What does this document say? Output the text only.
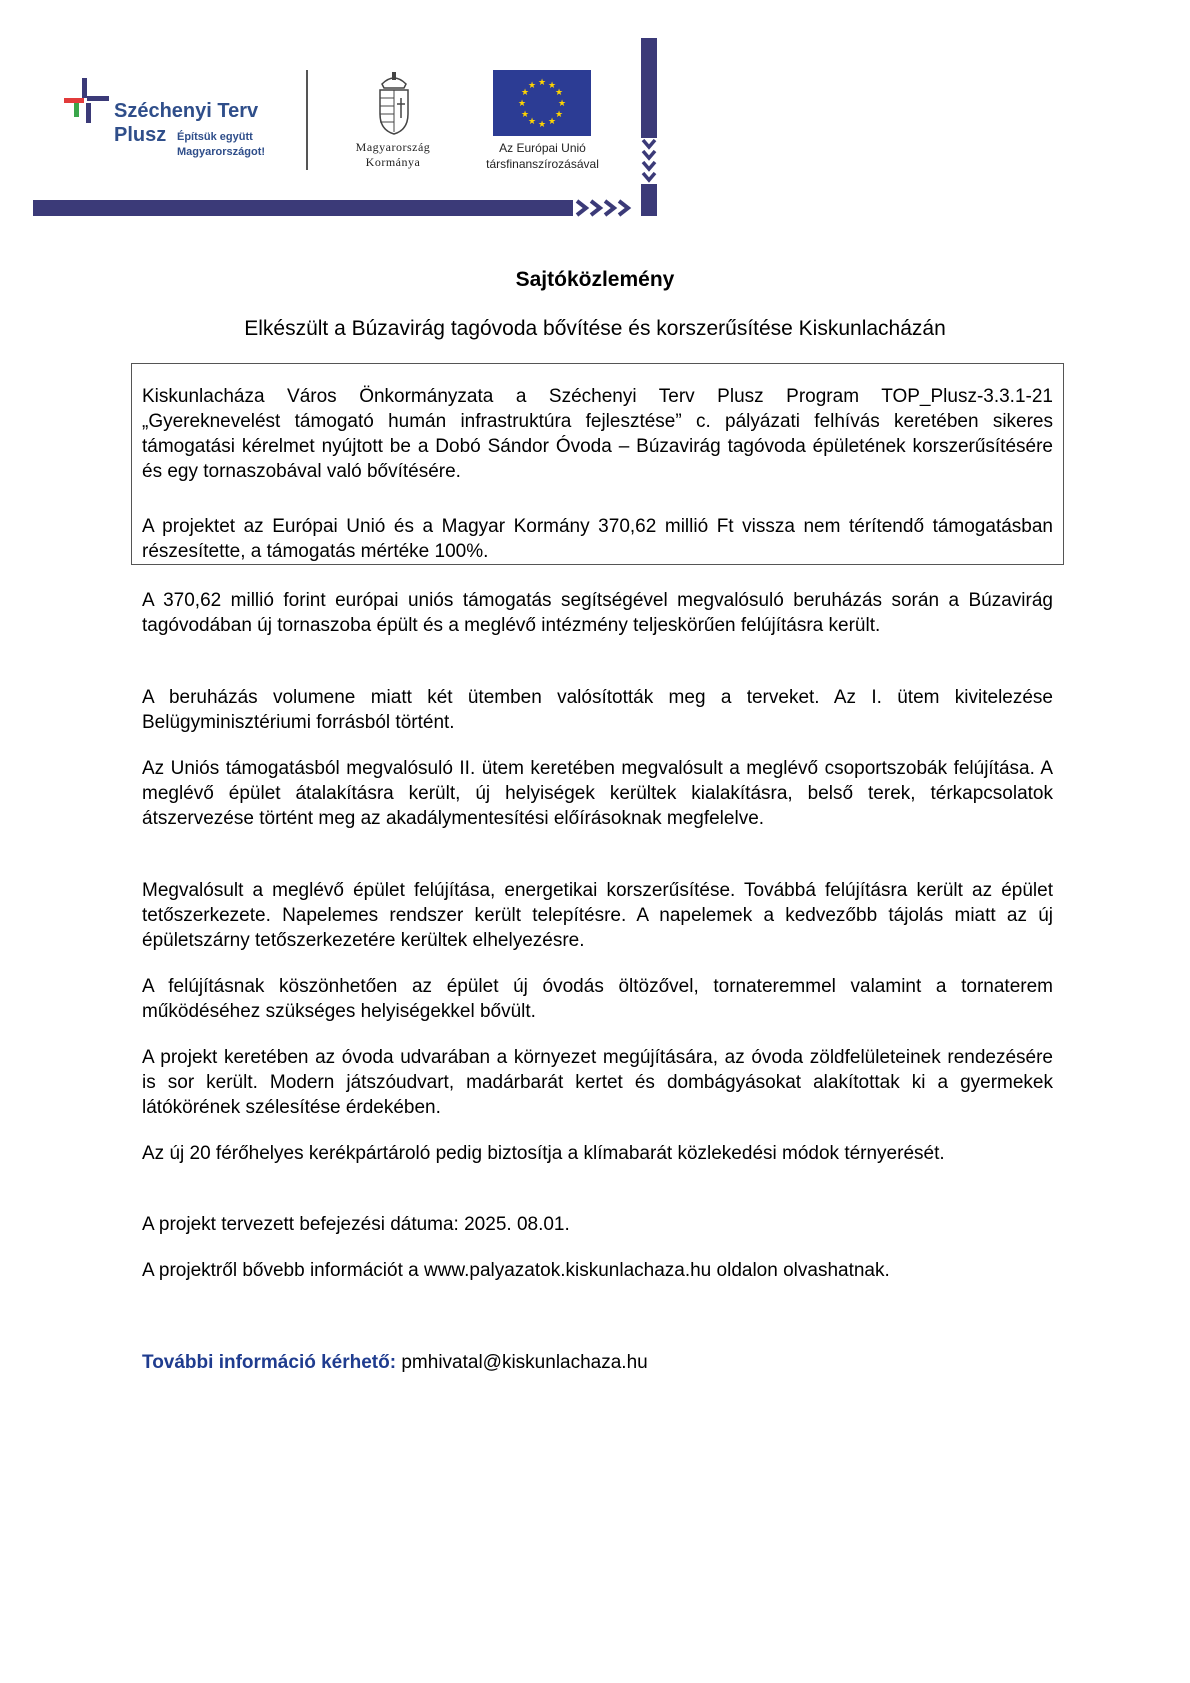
Széchenyi Terv
Plusz Építsük együtt
Magyarországot!	Magyarország
Kormánya
★ ★
★
★
★
★
★
★
★
★
★
★
Az Európai Unió
társfinanszírozásával
Sajtóközlemény
Elkészült a Búzavirág tagóvoda bővítése és korszerűsítése Kiskunlacházán
Kiskunlacháza Város Önkormányzata a Széchenyi Terv Plusz Program TOP_Plusz-3.3.1-21 „Gyereknevelést támogató humán infrastruktúra fejlesztése” c. pályázati felhívás keretében sikeres támogatási kérelmet nyújtott be a Dobó Sándor Óvoda – Búzavirág tagóvoda épületének korszerűsítésére és egy tornaszobával való bővítésére.
A projektet az Európai Unió és a Magyar Kormány 370,62 millió Ft vissza nem térítendő támogatásban részesítette, a támogatás mértéke 100%.
A 370,62 millió forint európai uniós támogatás segítségével megvalósuló beruházás során a Búzavirág tagóvodában új tornaszoba épült és a meglévő intézmény teljeskörűen felújításra került.
A beruházás volumene miatt két ütemben valósították meg a terveket. Az I. ütem kivitelezése Belügyminisztériumi forrásból történt.
Az Uniós támogatásból megvalósuló II. ütem keretében megvalósult a meglévő csoportszobák felújítása. A meglévő épület átalakításra került, új helyiségek kerültek kialakításra, belső terek, térkapcsolatok átszervezése történt meg az akadálymentesítési előírásoknak megfelelve.
Megvalósult a meglévő épület felújítása, energetikai korszerűsítése. Továbbá felújításra került az épület tetőszerkezete. Napelemes rendszer került telepítésre. A napelemek a kedvezőbb tájolás miatt az új épületszárny tetőszerkezetére kerültek elhelyezésre.
A felújításnak köszönhetően az épület új óvodás öltözővel, tornateremmel valamint a tornaterem működéséhez szükséges helyiségekkel bővült.
A projekt keretében az óvoda udvarában a környezet megújítására, az óvoda zöldfelületeinek rendezésére is sor került. Modern játszóudvart, madárbarát kertet és dombágyásokat alakítottak ki a gyermekek látókörének szélesítése érdekében.
Az új 20 férőhelyes kerékpártároló pedig biztosítja a klímabarát közlekedési módok térnyerését.
A projekt tervezett befejezési dátuma: 2025. 08.01.
A projektről bővebb információt a www.palyazatok.kiskunlachaza.hu oldalon olvashatnak.
További információ kérhető: pmhivatal@kiskunlachaza.hu
